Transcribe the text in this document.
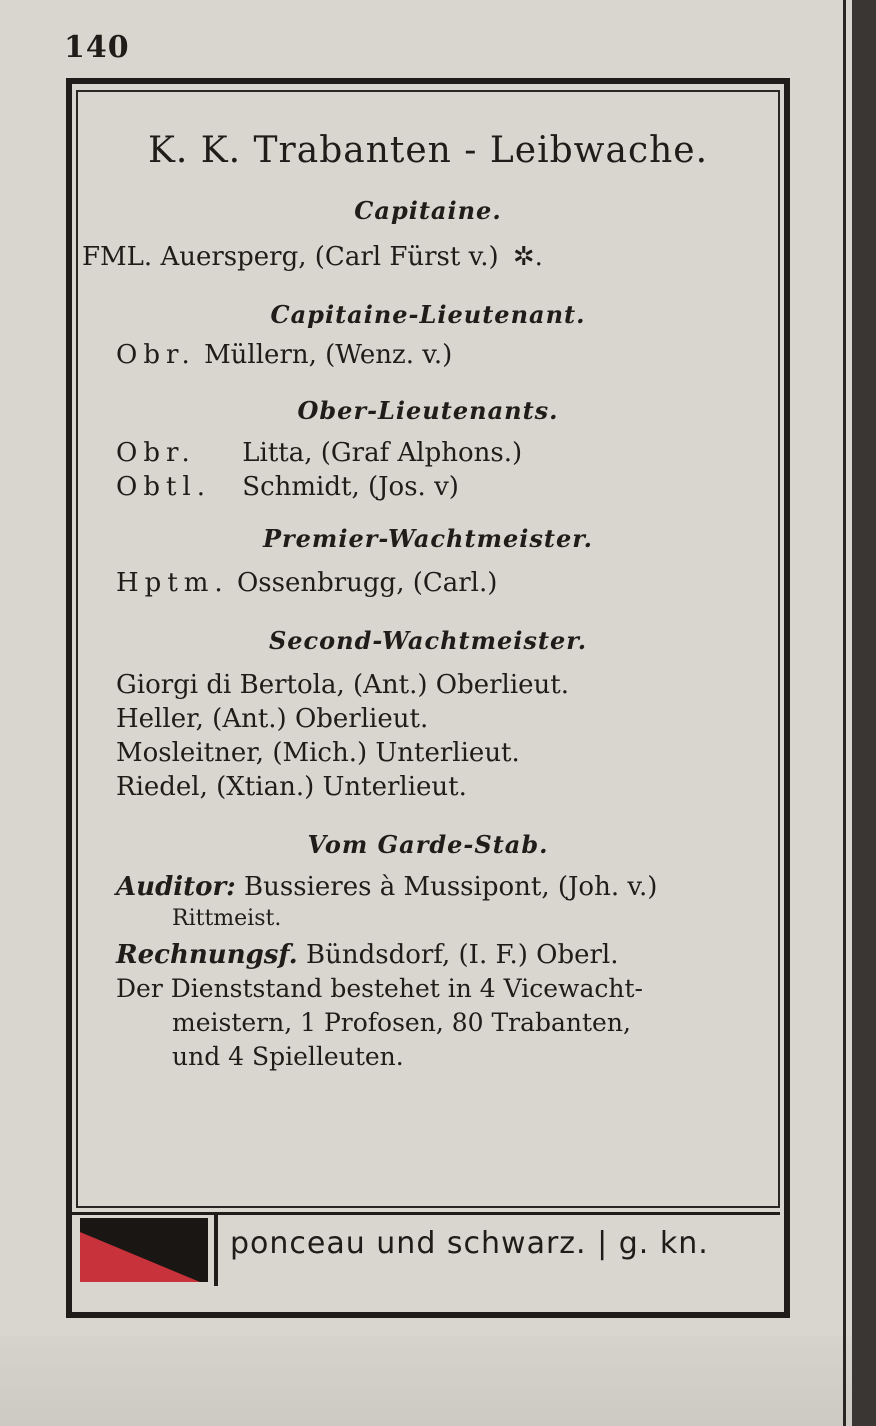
140
K. K. Trabanten - Leibwache.
Capitaine.
FML. Auersperg, (Carl Fürst v.) ✲.
Capitaine-Lieutenant.
Obr. Müllern, (Wenz. v.)
Ober-Lieutenants.
Obr. Litta, (Graf Alphons.)
Obtl. Schmidt, (Jos. v)
Premier-Wachtmeister.
Hptm. Ossenbrugg, (Carl.)
Second-Wachtmeister.
Giorgi di Bertola, (Ant.) Oberlieut.
Heller, (Ant.) Oberlieut.
Mosleitner, (Mich.) Unterlieut.
Riedel, (Xtian.) Unterlieut.
Vom Garde-Stab.
Auditor: Bussieres à Mussipont, (Joh. v.)
Rittmeist.
Rechnungsf. Bündsdorf, (I. F.) Oberl.
Der Dienststand bestehet in 4 Vicewacht-
meistern, 1 Profosen, 80 Trabanten,
und 4 Spielleuten.
ponceau und schwarz. | g. kn.
